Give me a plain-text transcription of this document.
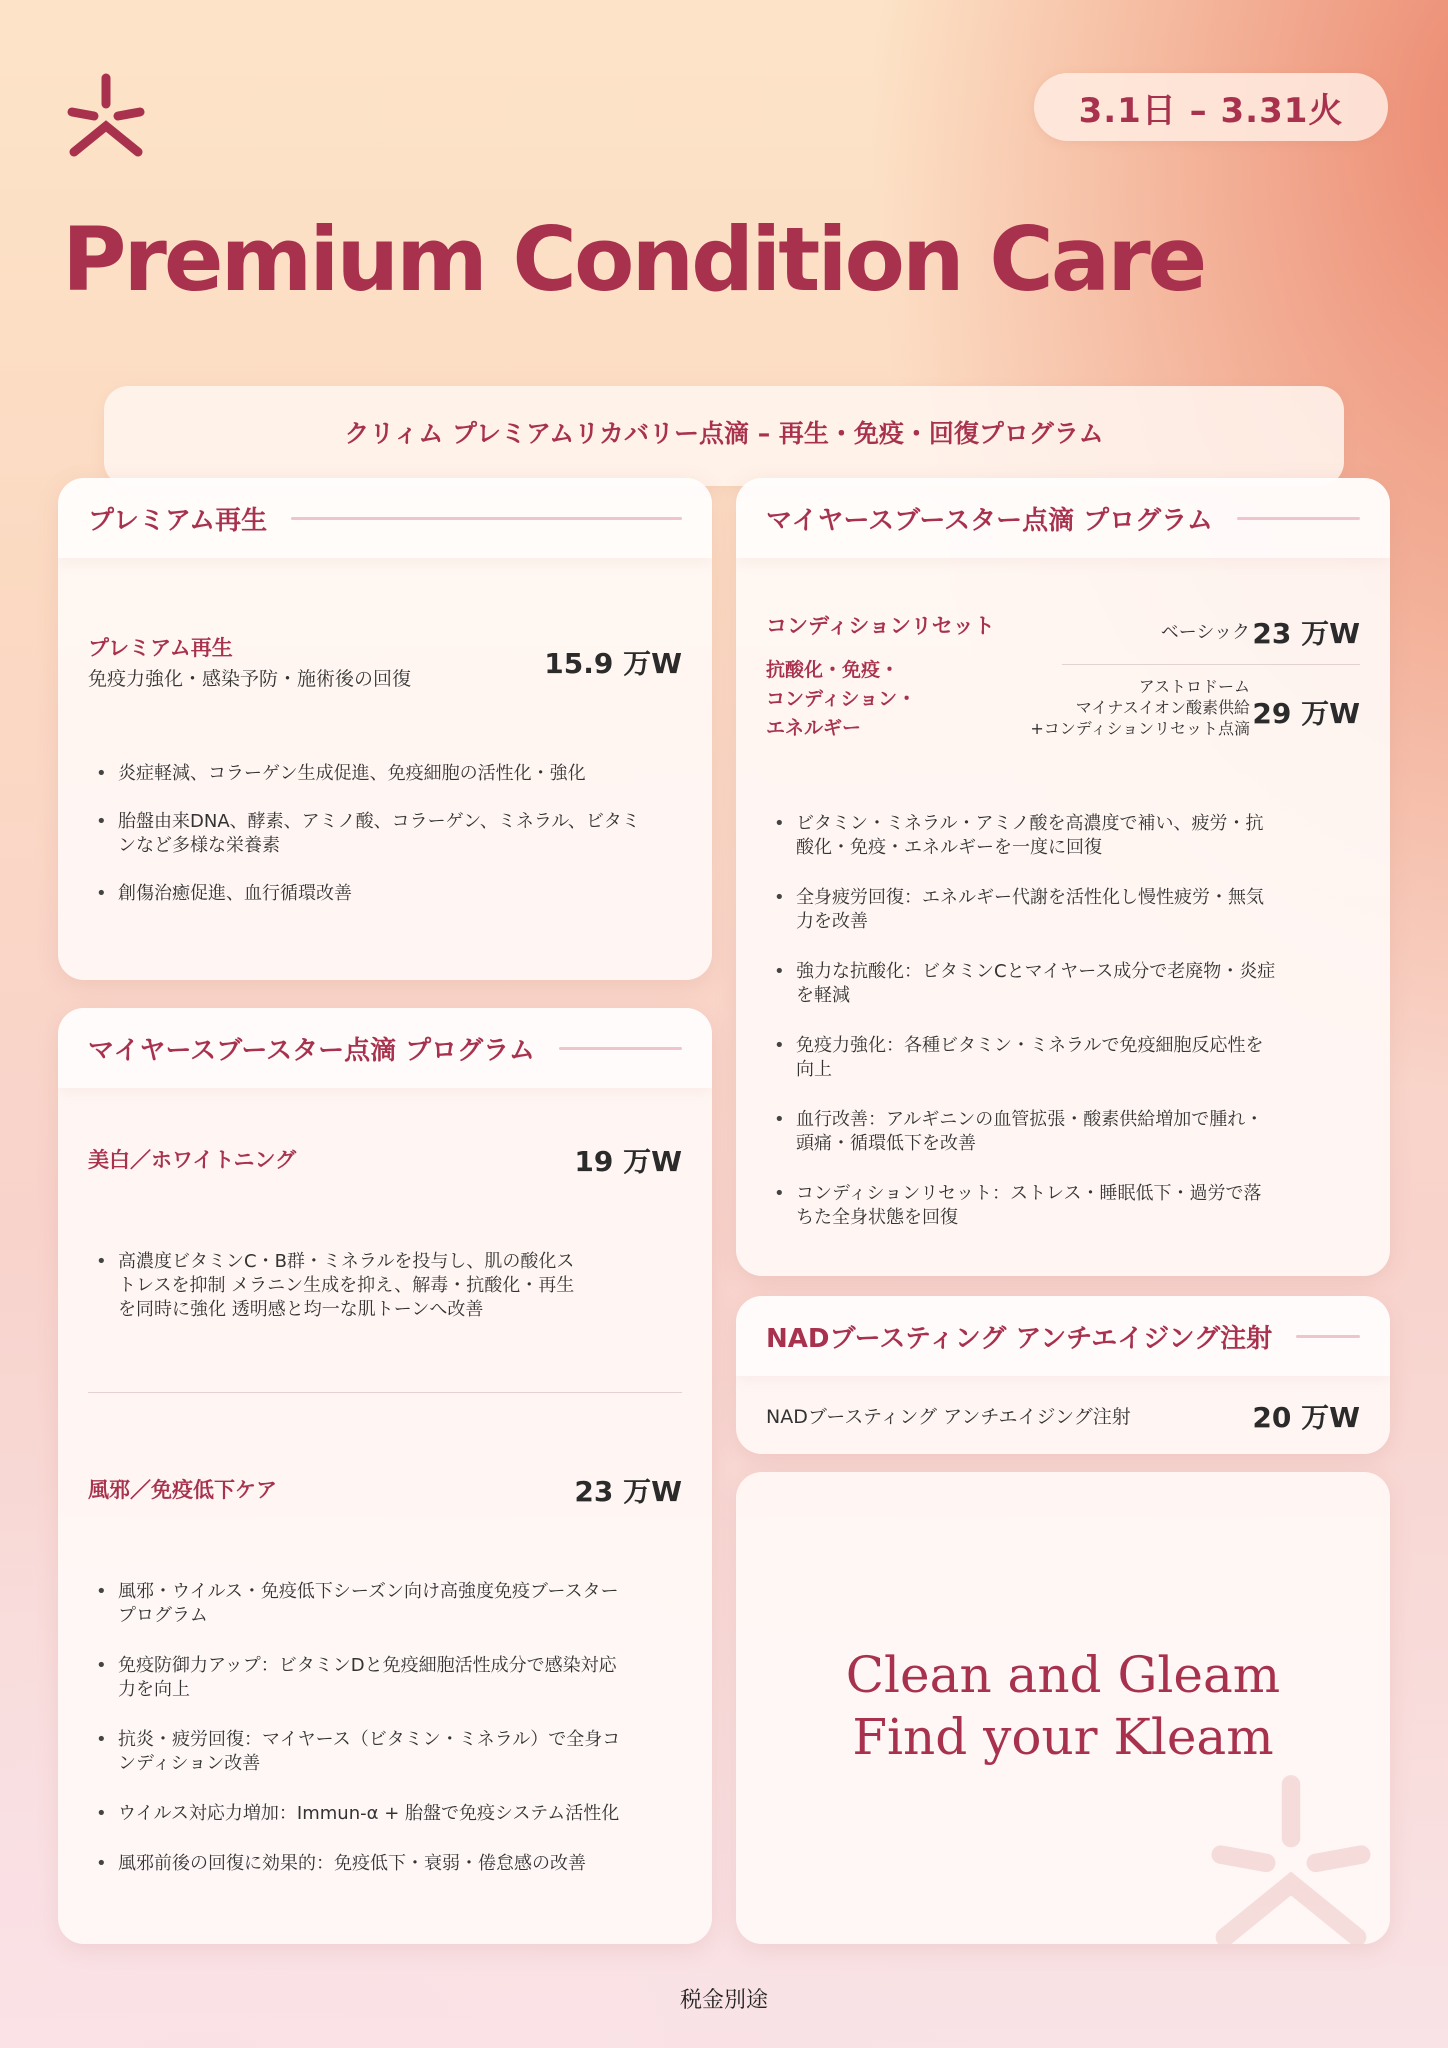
3.1日 – 3.31火
Premium Condition Care
クリィム プレミアムリカバリー点滴 – 再生・免疫・回復プログラム
プレミアム再生
プレミアム再生
免疫力強化・感染予防・施術後の回復	15.9 万W
• 炎症軽減、コラーゲン生成促進、免疫細胞の活性化・強化
• 胎盤由来DNA、酵素、アミノ酸、コラーゲン、ミネラル、ビタミンなど多様な栄養素
• 創傷治癒促進、血行循環改善
マイヤースブースター点滴 プログラム
美白／ホワイトニング	19 万W
• 高濃度ビタミンC・B群・ミネラルを投与し、肌の酸化ストレスを抑制 メラニン生成を抑え、解毒・抗酸化・再生を同時に強化 透明感と均一な肌トーンへ改善
風邪／免疫低下ケア	23 万W
• 風邪・ウイルス・免疫低下シーズン向け高強度免疫ブースタープログラム
• 免疫防御力アップ：ビタミンDと免疫細胞活性成分で感染対応力を向上
• 抗炎・疲労回復：マイヤース（ビタミン・ミネラル）で全身コンディション改善
• ウイルス対応力増加：Immun-α + 胎盤で免疫システム活性化
• 風邪前後の回復に効果的：免疫低下・衰弱・倦怠感の改善
マイヤースブースター点滴 プログラム
コンディションリセット
抗酸化・免疫・
コンディション・
エネルギー
ベーシック 23 万W
アストロドーム
マイナスイオン酸素供給
+コンディションリセット点滴 29 万W
• ビタミン・ミネラル・アミノ酸を高濃度で補い、疲労・抗酸化・免疫・エネルギーを一度に回復
• 全身疲労回復：エネルギー代謝を活性化し慢性疲労・無気力を改善
• 強力な抗酸化：ビタミンCとマイヤース成分で老廃物・炎症を軽減
• 免疫力強化：各種ビタミン・ミネラルで免疫細胞反応性を向上
• 血行改善：アルギニンの血管拡張・酸素供給増加で腫れ・頭痛・循環低下を改善
• コンディションリセット：ストレス・睡眠低下・過労で落ちた全身状態を回復
NADブースティング アンチエイジング注射
NADブースティング アンチエイジング注射	20 万W
Clean and Gleam
Find your Kleam
税金別途
